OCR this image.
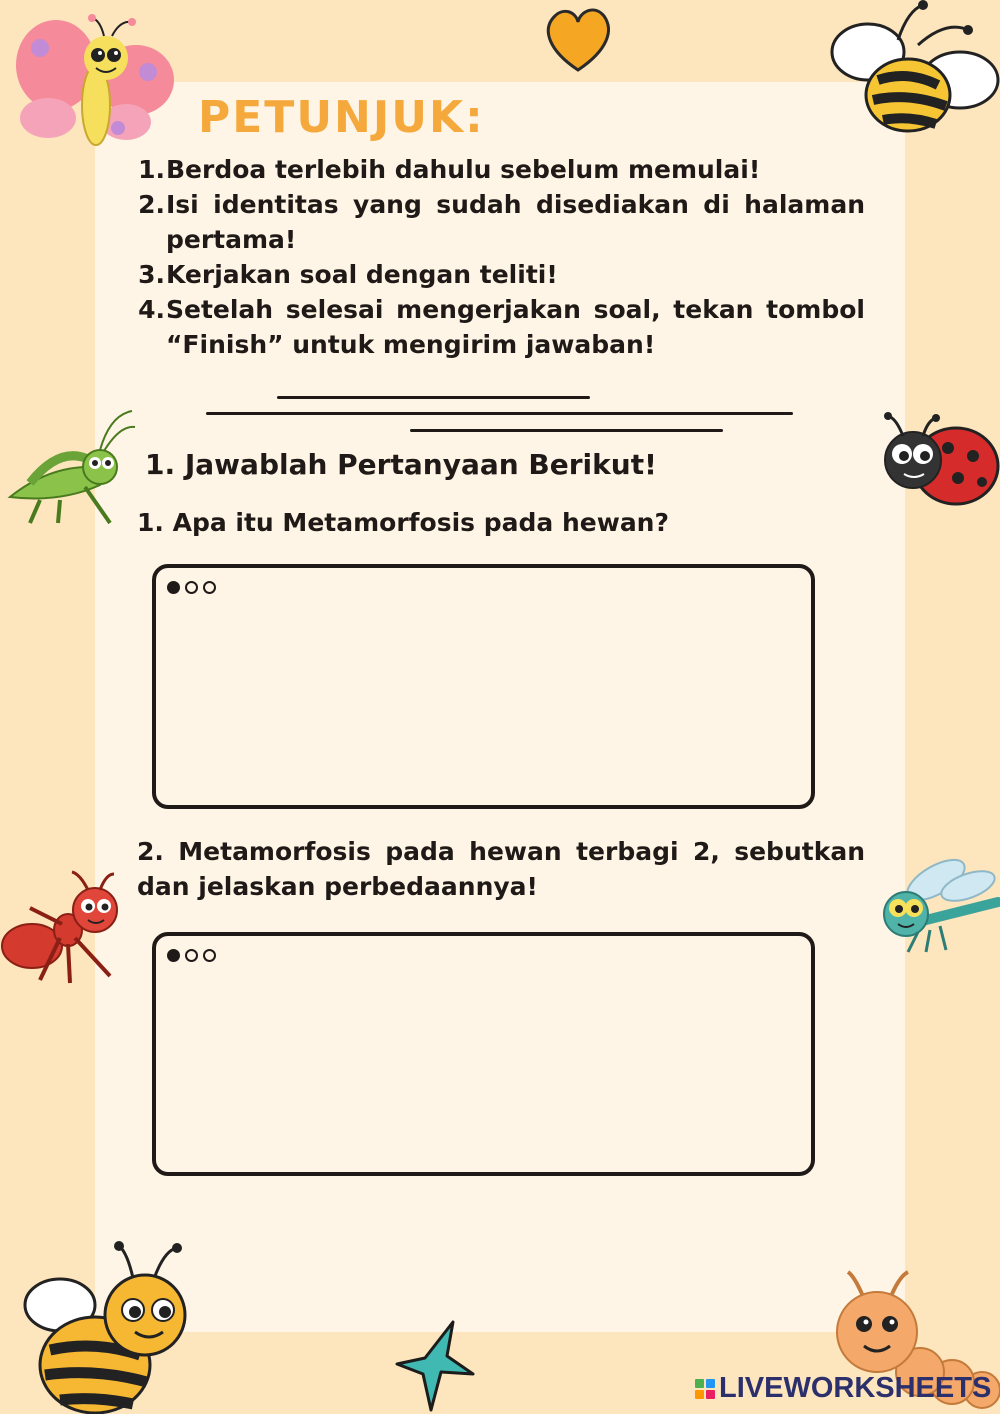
PETUNJUK:
1. Berdoa terlebih dahulu sebelum memulai!
2. Isi identitas yang sudah disediakan di halaman pertama!
3. Kerjakan soal dengan teliti!
4. Setelah selesai mengerjakan soal, tekan tombol “Finish” untuk mengirim jawaban!
1. Jawablah Pertanyaan Berikut!
1. Apa itu Metamorfosis pada hewan?
2. Metamorfosis pada hewan terbagi 2, sebutkan dan jelaskan perbedaannya!
LIVEWORKSHEETS
